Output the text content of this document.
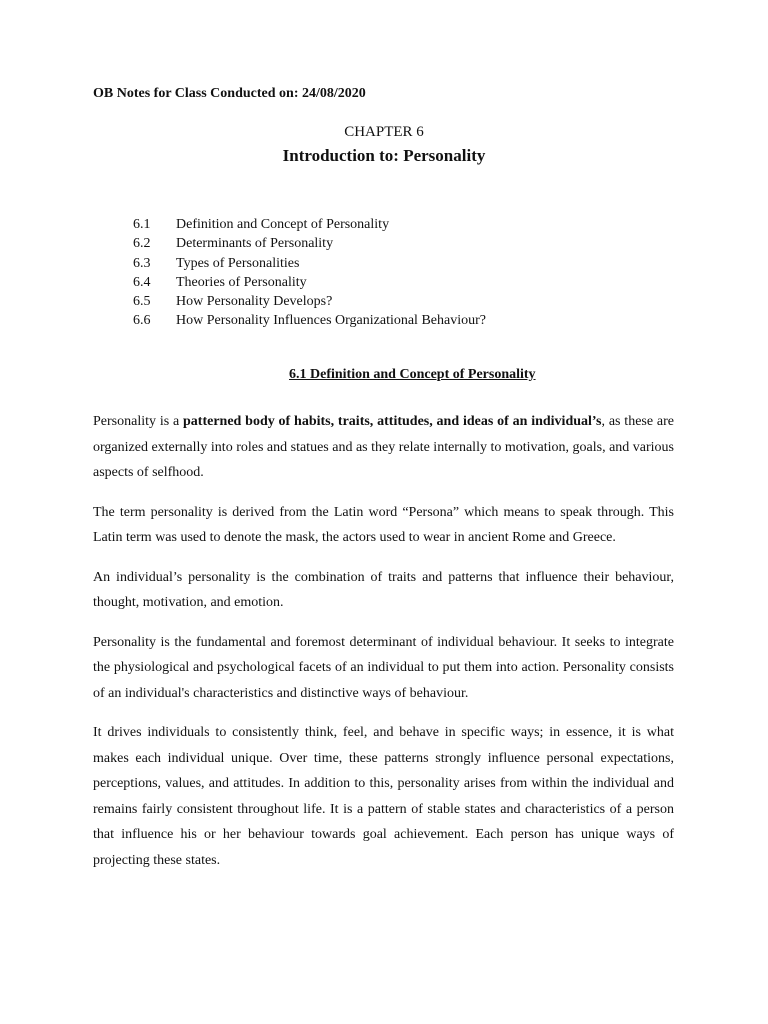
OB Notes for Class Conducted on: 24/08/2020
CHAPTER 6
Introduction to: Personality
6.1	Definition and Concept of Personality
6.2	Determinants of Personality
6.3	Types of Personalities
6.4	Theories of Personality
6.5	How Personality Develops?
6.6	How Personality Influences Organizational Behaviour?
6.1 Definition and Concept of Personality

Personality is a patterned body of habits, traits, attitudes, and ideas of an individual’s, as these are organized externally into roles and statues and as they relate internally to motivation, goals, and various aspects of selfhood.

The term personality is derived from the Latin word “Persona” which means to speak through. This Latin term was used to denote the mask, the actors used to wear in ancient Rome and Greece.

An individual’s personality is the combination of traits and patterns that influence their behaviour, thought, motivation, and emotion.

Personality is the fundamental and foremost determinant of individual behaviour. It seeks to integrate the physiological and psychological facets of an individual to put them into action. Personality consists of an individual's characteristics and distinctive ways of behaviour.

It drives individuals to consistently think, feel, and behave in specific ways; in essence, it is what makes each individual unique. Over time, these patterns strongly influence personal expectations, perceptions, values, and attitudes. In addition to this, personality arises from within the individual and remains fairly consistent throughout life. It is a pattern of stable states and characteristics of a person that influence his or her behaviour towards goal achievement. Each person has unique ways of projecting these states.
